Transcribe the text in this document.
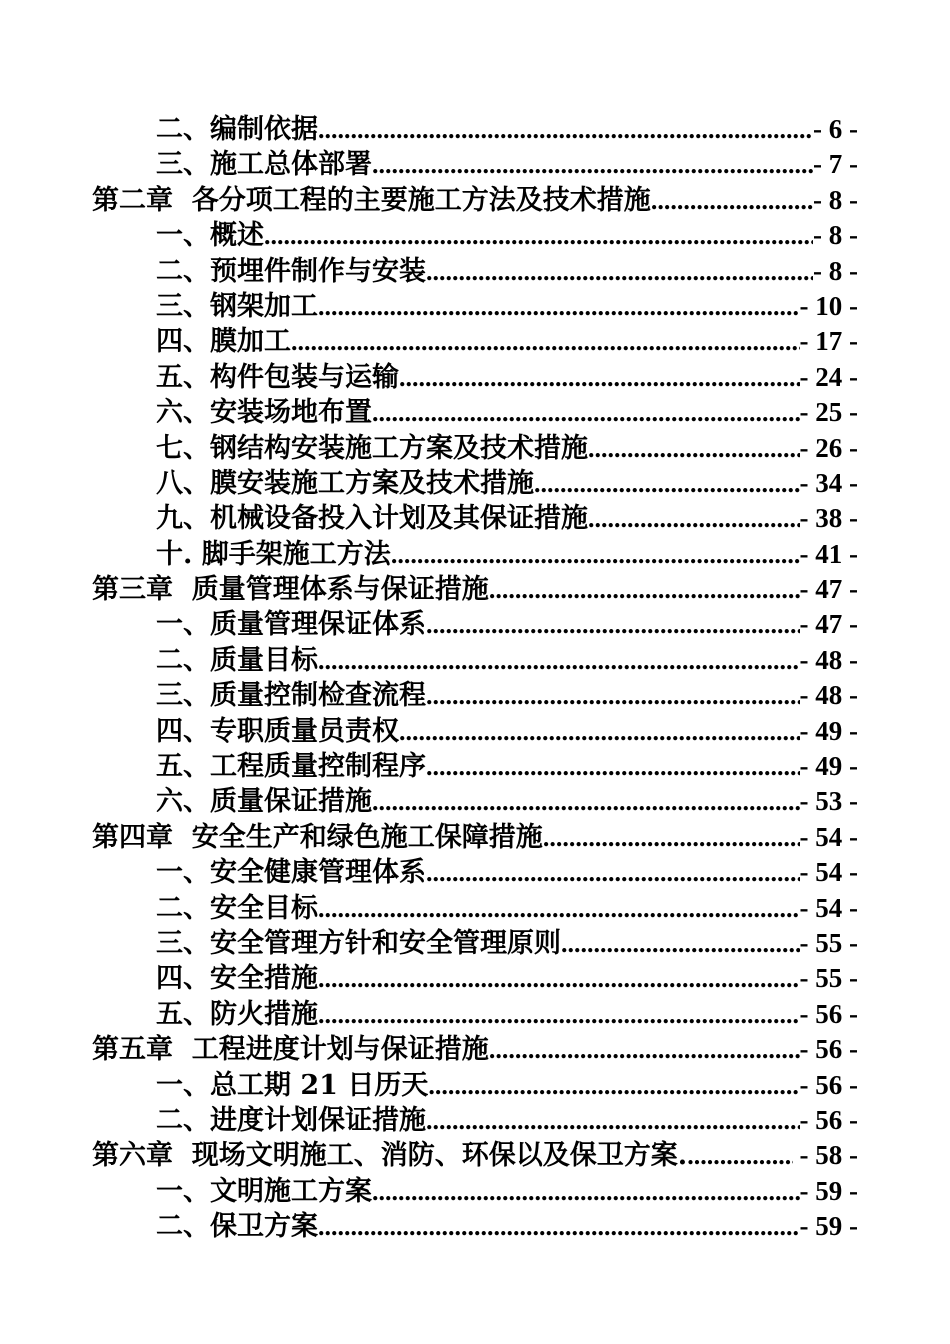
二、编制依据 .....	- 6 -
三、施工总体部署 .....	- 7 -
第二章  各分项工程的主要施工方法及技术措施 .....	- 8 -
一、概述 .....	- 8 -
二、预埋件制作与安装 .....	- 8 -
三、钢架加工 .....	- 10 -
四、膜加工 .....	- 17 -
五、构件包装与运输 .....	- 24 -
六、安装场地布置 .....	- 25 -
七、钢结构安装施工方案及技术措施 .....	- 26 -
八、膜安装施工方案及技术措施 .....	- 34 -
九、机械设备投入计划及其保证措施 .....	- 38 -
十. 脚手架施工方法 .....	- 41 -
第三章  质量管理体系与保证措施 .....	- 47 -
一、质量管理保证体系 .....	- 47 -
二、质量目标 .....	- 48 -
三、质量控制检查流程 .....	- 48 -
四、专职质量员责权 .....	- 49 -
五、工程质量控制程序 .....	- 49 -
六、质量保证措施 .....	- 53 -
第四章  安全生产和绿色施工保障措施 .....	- 54 -
一、安全健康管理体系 .....	- 54 -
二、安全目标 .....	- 54 -
三、安全管理方针和安全管理原则 .....	- 55 -
四、安全措施 .....	- 55 -
五、防火措施 .....	- 56 -
第五章  工程进度计划与保证措施 .....	- 56 -
一、总工期 21 日历天 .....	- 56 -
二、进度计划保证措施 .....	- 56 -
第六章  现场文明施工、消防、环保以及保卫方案. .....	- 58 -
一、文明施工方案 .....	- 59 -
二、保卫方案 .....	- 59 -
